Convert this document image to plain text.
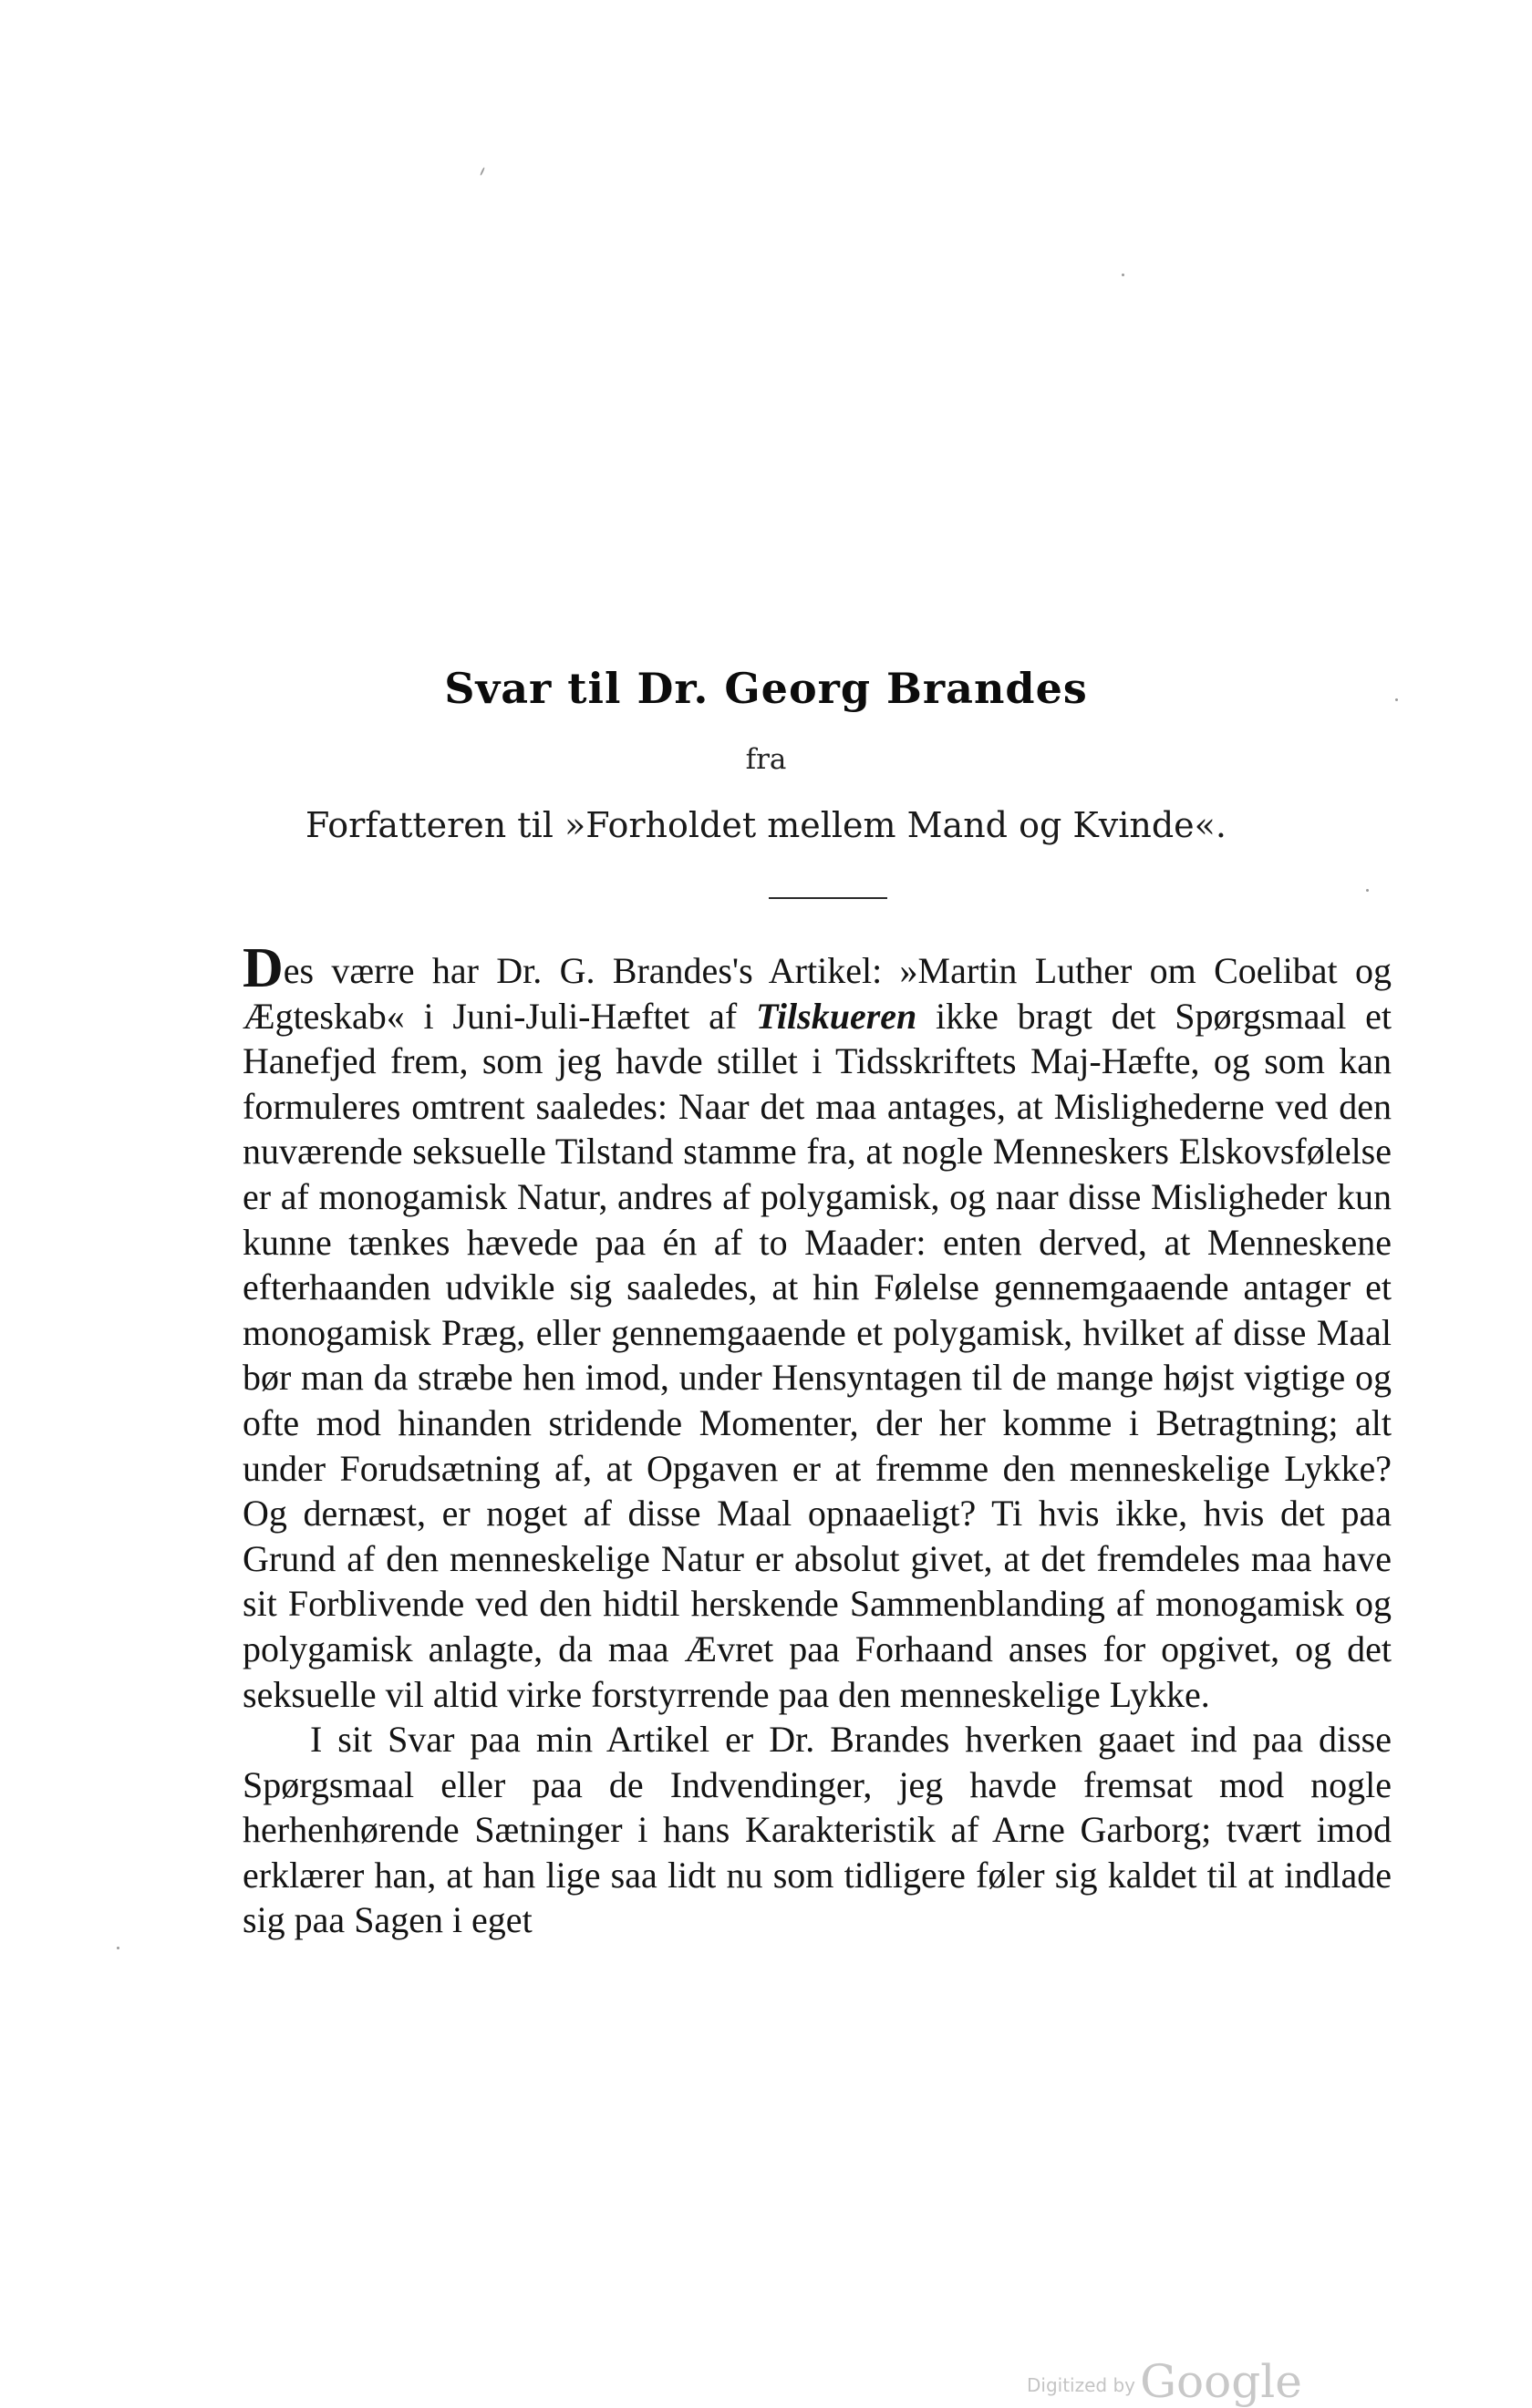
Svar til Dr. Georg Brandes
fra
Forfatteren til »Forholdet mellem Mand og Kvinde«.

Des værre har Dr. G. Brandes's Artikel: »Martin Luther om Coelibat og Ægteskab« i Juni-Juli-Hæftet af Tilskueren ikke bragt det Spørgsmaal et Hanefjed frem, som jeg havde stillet i Tidsskriftets Maj-Hæfte, og som kan formuleres omtrent saaledes: Naar det maa antages, at Mislighederne ved den nuværende seksuelle Tilstand stamme fra, at nogle Menneskers Elskovsfølelse er af monogamisk Natur, andres af polygamisk, og naar disse Misligheder kun kunne tænkes hævede paa én af to Maader: enten derved, at Menneskene efterhaanden udvikle sig saaledes, at hin Følelse gennemgaaende antager et monogamisk Præg, eller gennemgaaende et polygamisk, hvilket af disse Maal bør man da stræbe hen imod, under Hensyntagen til de mange højst vigtige og ofte mod hinanden stridende Momenter, der her komme i Betragtning; alt under Forudsætning af, at Opgaven er at fremme den menneskelige Lykke? Og dernæst, er noget af disse Maal opnaaeligt? Ti hvis ikke, hvis det paa Grund af den menneskelige Natur er absolut givet, at det fremdeles maa have sit Forblivende ved den hidtil herskende Sammenblanding af monogamisk og polygamisk anlagte, da maa Ævret paa Forhaand anses for opgivet, og det seksuelle vil altid virke forstyrrende paa den menneskelige Lykke.

I sit Svar paa min Artikel er Dr. Brandes hverken gaaet ind paa disse Spørgsmaal eller paa de Indvendinger, jeg havde fremsat mod nogle herhenhørende Sætninger i hans Karakteristik af Arne Garborg; tvært imod erklærer han, at han lige saa lidt nu som tidligere føler sig kaldet til at indlade sig paa Sagen i eget

Digitized by Google
